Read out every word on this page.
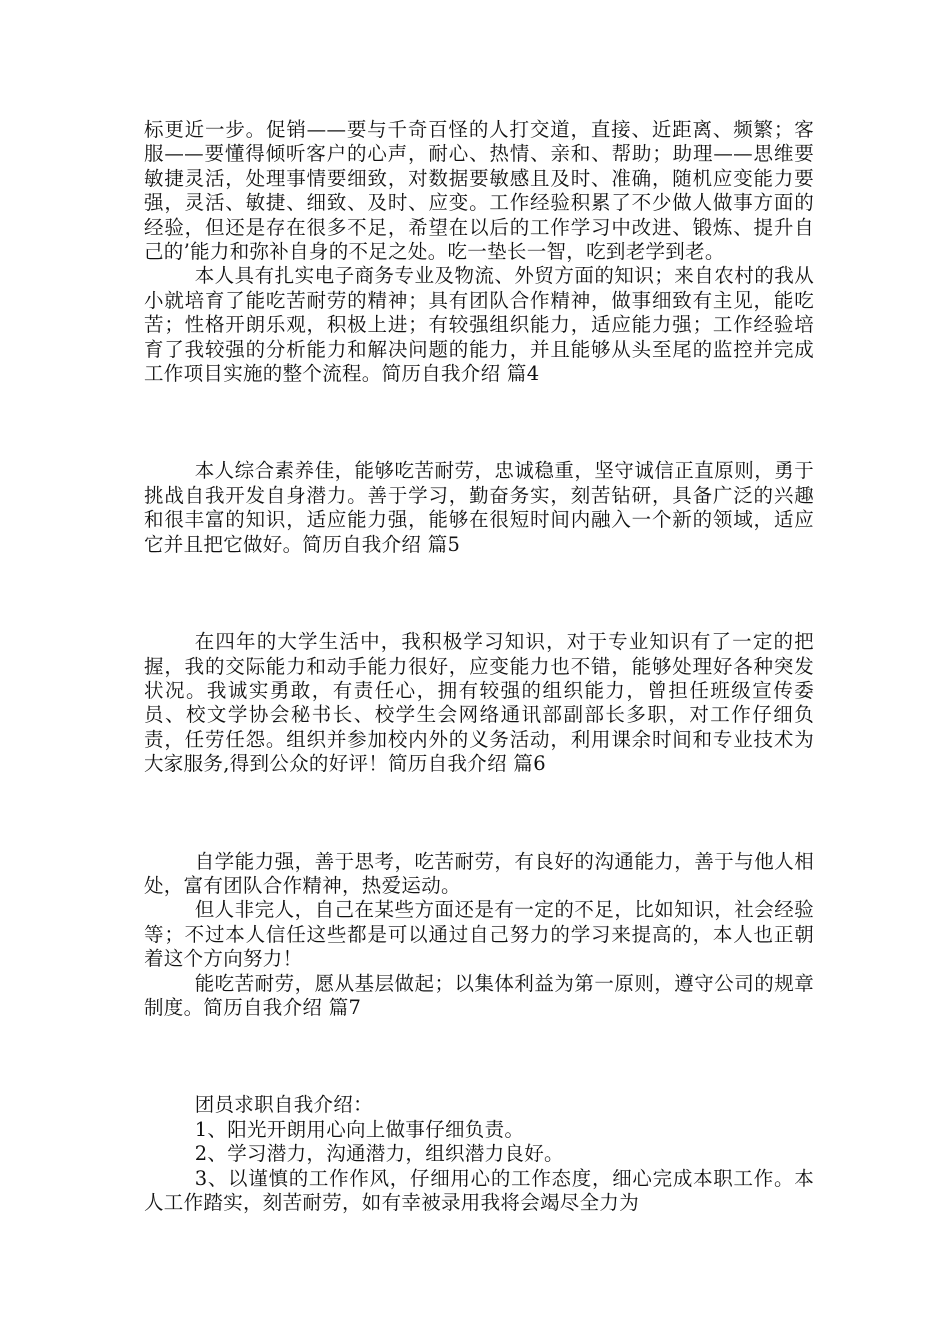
标更近一步。促销——要与千奇百怪的人打交道，直接、近距离、频繁；客服——要懂得倾听客户的心声，耐心、热情、亲和、帮助；助理——思维要敏捷灵活，处理事情要细致，对数据要敏感且及时、准确，随机应变能力要强，灵活、敏捷、细致、及时、应变。工作经验积累了不少做人做事方面的经验，但还是存在很多不足，希望在以后的工作学习中改进、锻炼、提升自己的’能力和弥补自身的不足之处。吃一垫长一智，吃到老学到老。

本人具有扎实电子商务专业及物流、外贸方面的知识；来自农村的我从小就培育了能吃苦耐劳的精神；具有团队合作精神，做事细致有主见，能吃苦；性格开朗乐观，积极上进；有较强组织能力，适应能力强；工作经验培育了我较强的分析能力和解决问题的能力，并且能够从头至尾的监控并完成工作项目实施的整个流程。简历自我介绍 篇4

本人综合素养佳，能够吃苦耐劳，忠诚稳重，坚守诚信正直原则，勇于挑战自我开发自身潜力。善于学习，勤奋务实，刻苦钻研，具备广泛的兴趣和很丰富的知识，适应能力强，能够在很短时间内融入一个新的领域，适应它并且把它做好。简历自我介绍 篇5

在四年的大学生活中，我积极学习知识，对于专业知识有了一定的把握，我的交际能力和动手能力很好，应变能力也不错，能够处理好各种突发状况。我诚实勇敢，有责任心，拥有较强的组织能力，曾担任班级宣传委员、校文学协会秘书长、校学生会网络通讯部副部长多职，对工作仔细负责，任劳任怨。组织并参加校内外的义务活动，利用课余时间和专业技术为大家服务,得到公众的好评！简历自我介绍 篇6

自学能力强，善于思考，吃苦耐劳，有良好的沟通能力，善于与他人相处，富有团队合作精神，热爱运动。

但人非完人，自己在某些方面还是有一定的不足，比如知识，社会经验等；不过本人信任这些都是可以通过自己努力的学习来提高的，本人也正朝着这个方向努力！

能吃苦耐劳，愿从基层做起；以集体利益为第一原则，遵守公司的规章制度。简历自我介绍 篇7

团员求职自我介绍：

1、阳光开朗用心向上做事仔细负责。

2、学习潜力，沟通潜力，组织潜力良好。

3、以谨慎的工作作风，仔细用心的工作态度，细心完成本职工作。本人工作踏实，刻苦耐劳，如有幸被录用我将会竭尽全力为
